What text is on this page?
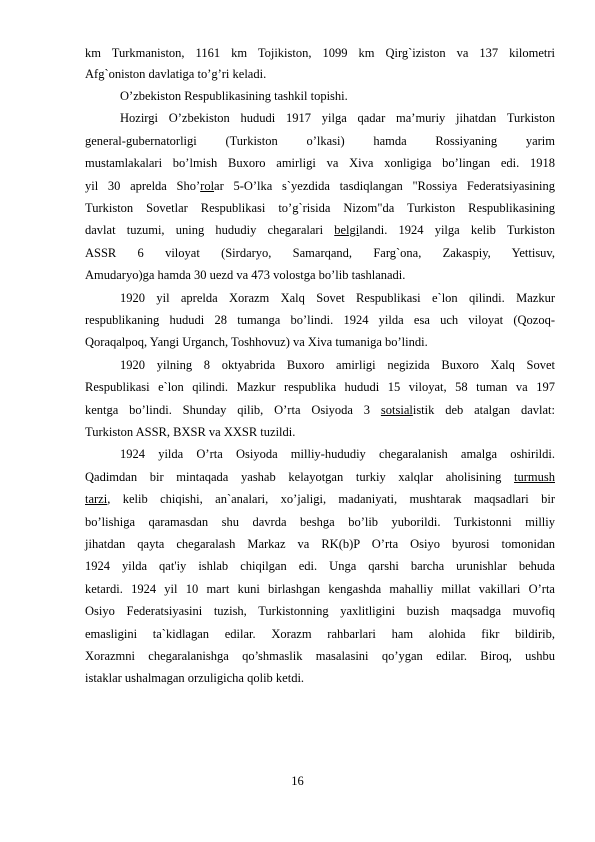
km Turkmaniston, 1161 km Tojikiston, 1099 km Qirg`iziston va 137 kilometri
Afg`oniston davlatiga to’g’ri keladi.
O’zbekiston Respublikasining tashkil topishi.
Hozirgi O’zbekiston hududi 1917 yilga qadar ma’muriy jihatdan Turkiston
general-gubernatorligi (Turkiston o’lkasi) hamda Rossiyaning yarim
mustamlakalari bo’lmish Buxoro amirligi va Xiva xonligiga bo’lingan edi. 1918
yil 30 aprelda Sho’rolar 5-O’lka s`yezdida tasdiqlangan "Rossiya Federatsiyasining
Turkiston Sovetlar Respublikasi to’g`risida Nizom"da Turkiston Respublikasining
davlat tuzumi, uning hududiy chegaralari belgilandi. 1924 yilga kelib Turkiston
ASSR 6 viloyat (Sirdaryo, Samarqand, Farg`ona, Zakaspiy, Yettisuv,
Amudaryo)ga hamda 30 uezd va 473 volostga bo’lib tashlanadi.
1920 yil aprelda Xorazm Xalq Sovet Respublikasi e`lon qilindi. Mazkur
respublikaning hududi 28 tumanga bo’lindi. 1924 yilda esa uch viloyat (Qozoq-
Qoraqalpoq, Yangi Urganch, Toshhovuz) va Xiva tumaniga bo’lindi.
1920 yilning 8 oktyabrida Buxoro amirligi negizida Buxoro Xalq Sovet
Respublikasi e`lon qilindi. Mazkur respublika hududi 15 viloyat, 58 tuman va 197
kentga bo’lindi. Shunday qilib, O’rta Osiyoda 3 sotsialistik deb atalgan davlat:
Turkiston ASSR, BXSR va XXSR tuzildi.
1924 yilda O’rta Osiyoda milliy-hududiy chegaralanish amalga oshirildi.
Qadimdan bir mintaqada yashab kelayotgan turkiy xalqlar aholisining turmush
tarzi, kelib chiqishi, an`analari, xo’jaligi, madaniyati, mushtarak maqsadlari bir
bo’lishiga qaramasdan shu davrda beshga bo’lib yuborildi. Turkistonni milliy
jihatdan qayta chegaralash Markaz va RK(b)P O’rta Osiyo byurosi tomonidan
1924 yilda qat'iy ishlab chiqilgan edi. Unga qarshi barcha urunishlar behuda
ketardi. 1924 yil 10 mart kuni birlashgan kengashda mahalliy millat vakillari O’rta
Osiyo Federatsiyasini tuzish, Turkistonning yaxlitligini buzish maqsadga muvofiq
emasligini ta`kidlagan edilar. Xorazm rahbarlari ham alohida fikr bildirib,
Xorazmni chegaralanishga qo’shmaslik masalasini qo’ygan edilar. Biroq, ushbu
istaklar ushalmagan orzuligicha qolib ketdi.
16
